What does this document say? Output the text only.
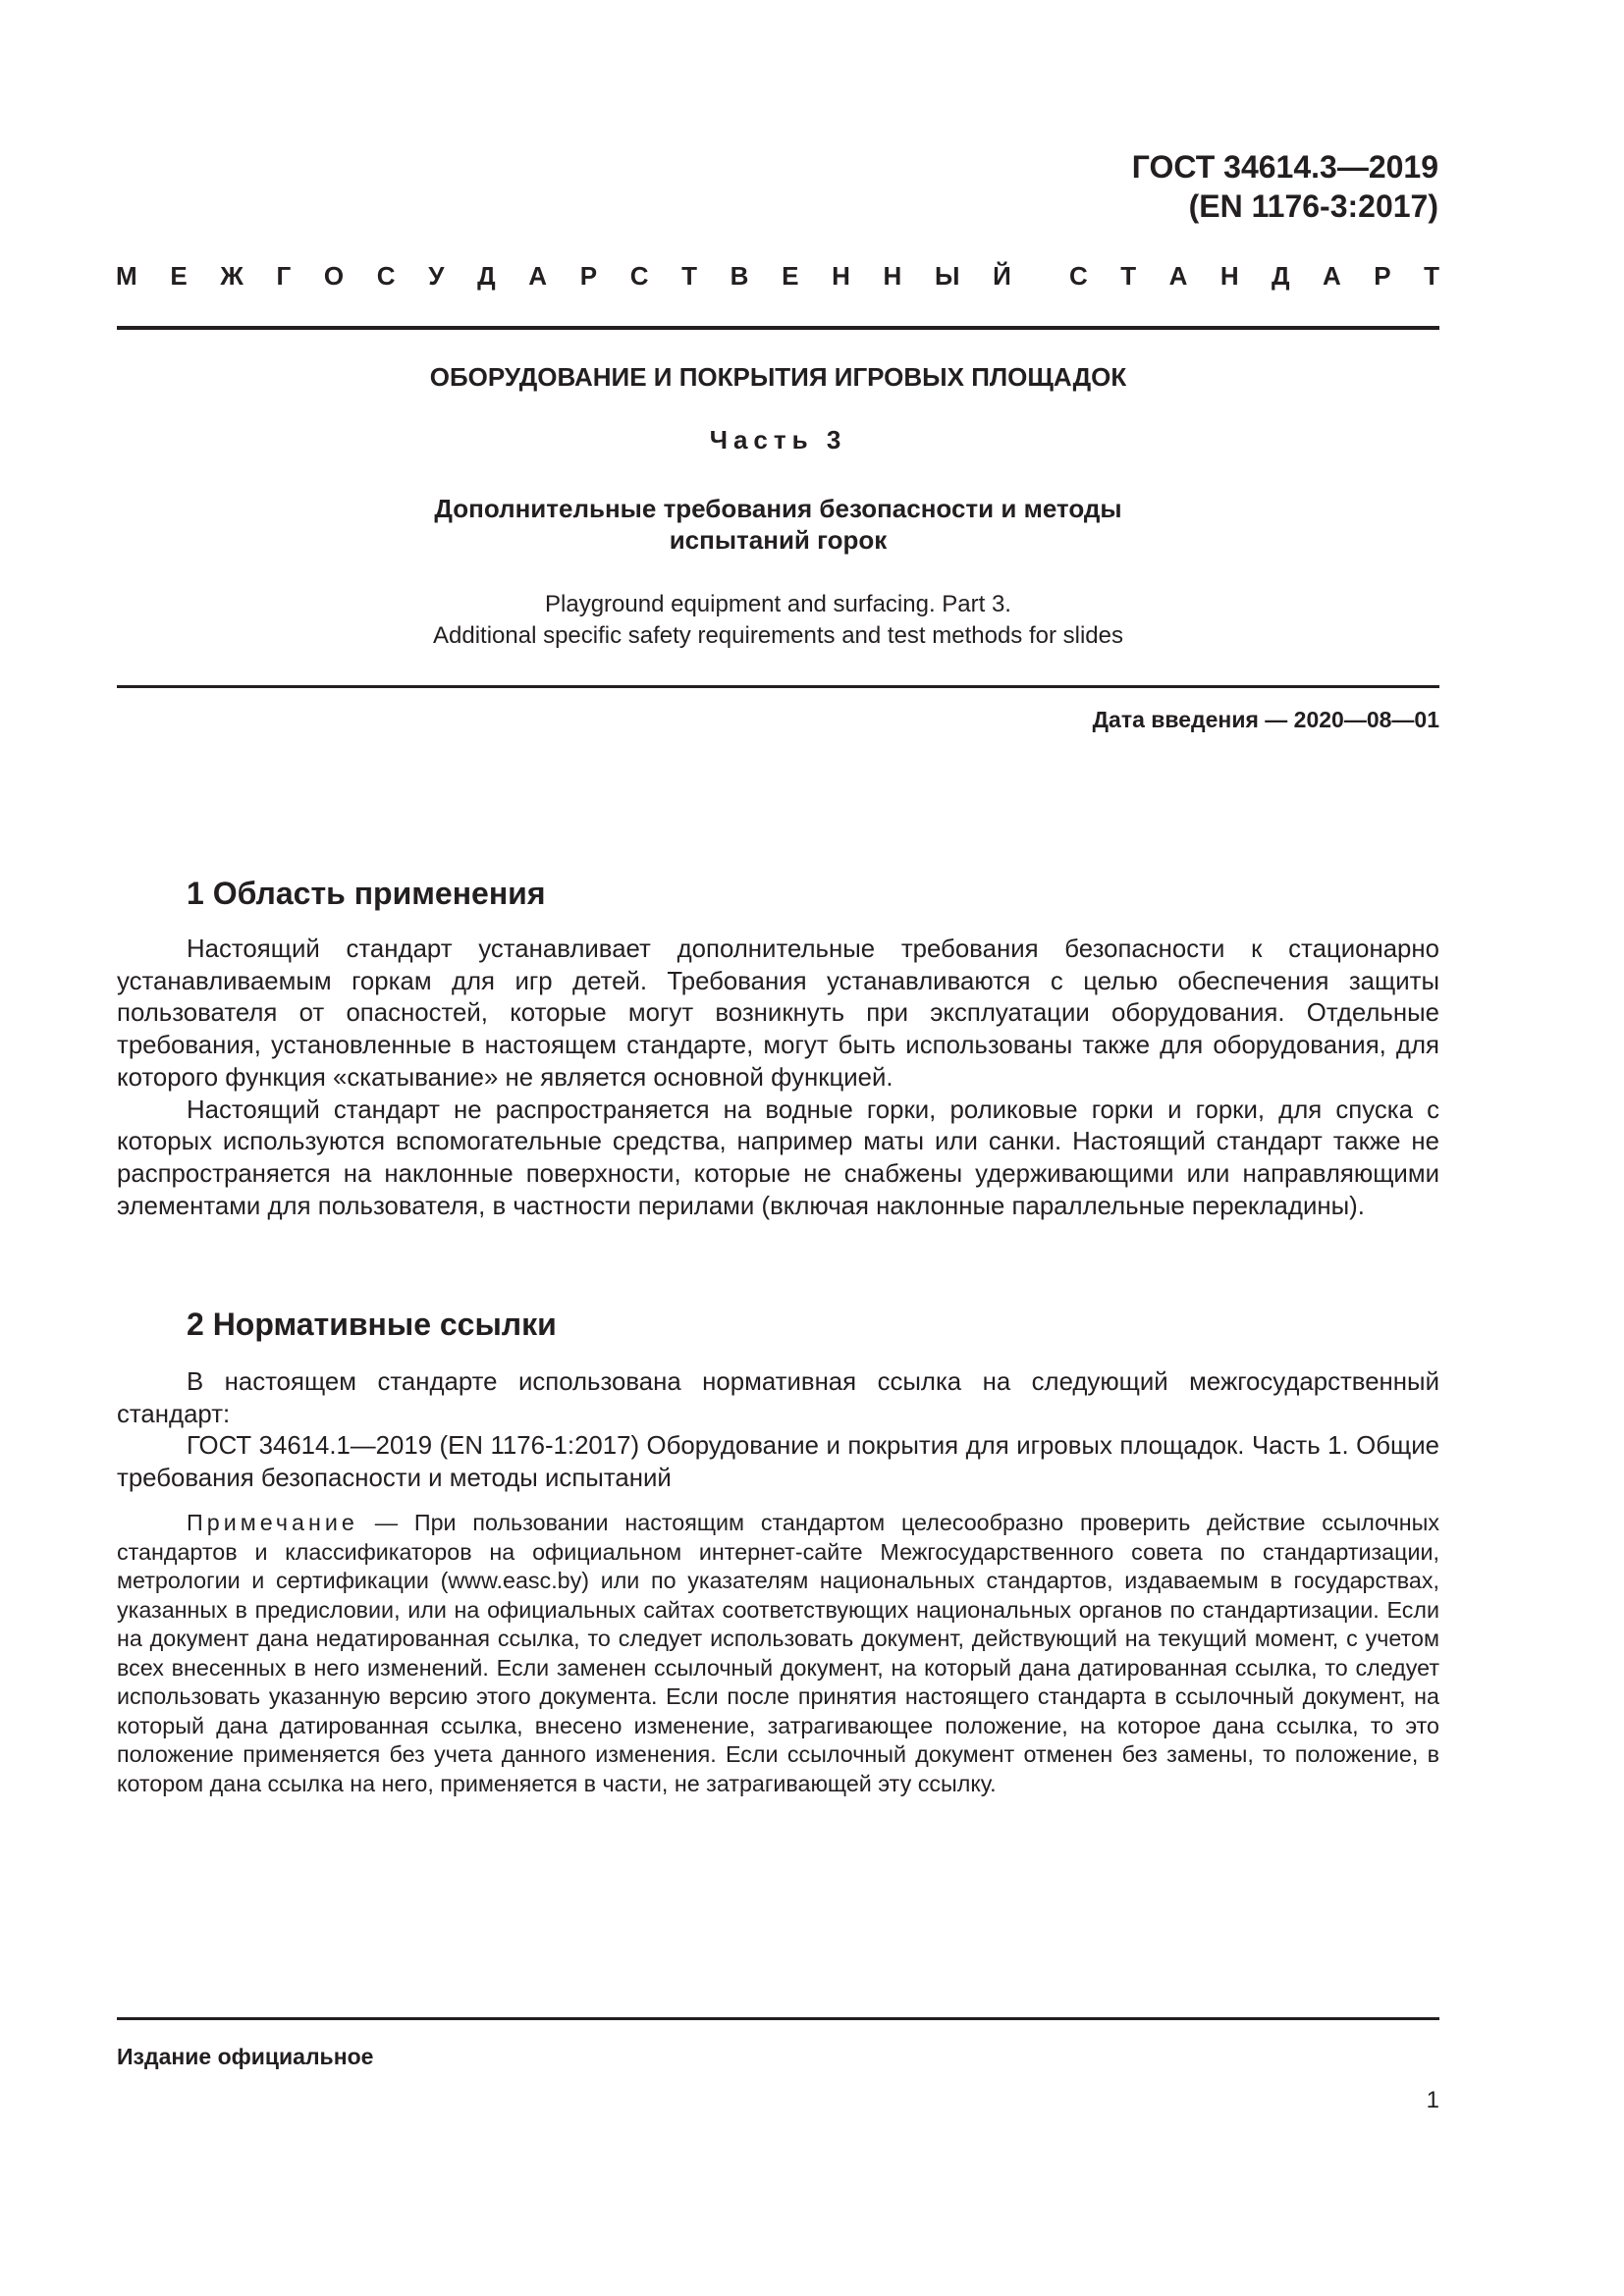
ГОСТ 34614.3—2019
(EN 1176-3:2017)
М Е Ж Г О С У Д А Р С Т В Е Н Н Ы Й С Т А Н Д А Р Т
ОБОРУДОВАНИЕ И ПОКРЫТИЯ ИГРОВЫХ ПЛОЩАДОК
Часть 3
Дополнительные требования безопасности и методы
испытаний горок
Playground equipment and surfacing. Part 3.
Additional specific safety requirements and test methods for slides
Дата введения — 2020—08—01
1 Область применения

Настоящий стандарт устанавливает дополнительные требования безопасности к стационарно устанавливаемым горкам для игр детей. Требования устанавливаются с целью обеспечения защиты пользователя от опасностей, которые могут возникнуть при эксплуатации оборудования. Отдельные требования, установленные в настоящем стандарте, могут быть использованы также для оборудования, для которого функция «скатывание» не является основной функцией.

Настоящий стандарт не распространяется на водные горки, роликовые горки и горки, для спуска с которых используются вспомогательные средства, например маты или санки. Настоящий стандарт также не распространяется на наклонные поверхности, которые не снабжены удерживающими или направляющими элементами для пользователя, в частности перилами (включая наклонные параллельные перекладины).

2 Нормативные ссылки

В настоящем стандарте использована нормативная ссылка на следующий межгосударственный стандарт:

ГОСТ 34614.1—2019 (EN 1176-1:2017) Оборудование и покрытия для игровых площадок. Часть 1. Общие требования безопасности и методы испытаний

Примечание — При пользовании настоящим стандартом целесообразно проверить действие ссылочных стандартов и классификаторов на официальном интернет-сайте Межгосударственного совета по стандартизации, метрологии и сертификации (www.easc.by) или по указателям национальных стандартов, издаваемым в государствах, указанных в предисловии, или на официальных сайтах соответствующих национальных органов по стандартизации. Если на документ дана недатированная ссылка, то следует использовать документ, действующий на текущий момент, с учетом всех внесенных в него изменений. Если заменен ссылочный документ, на который дана датированная ссылка, то следует использовать указанную версию этого документа. Если после принятия настоящего стандарта в ссылочный документ, на который дана датированная ссылка, внесено изменение, затрагивающее положение, на которое дана ссылка, то это положение применяется без учета данного изменения. Если ссылочный документ отменен без замены, то положение, в котором дана ссылка на него, применяется в части, не затрагивающей эту ссылку.

Издание официальное
1
